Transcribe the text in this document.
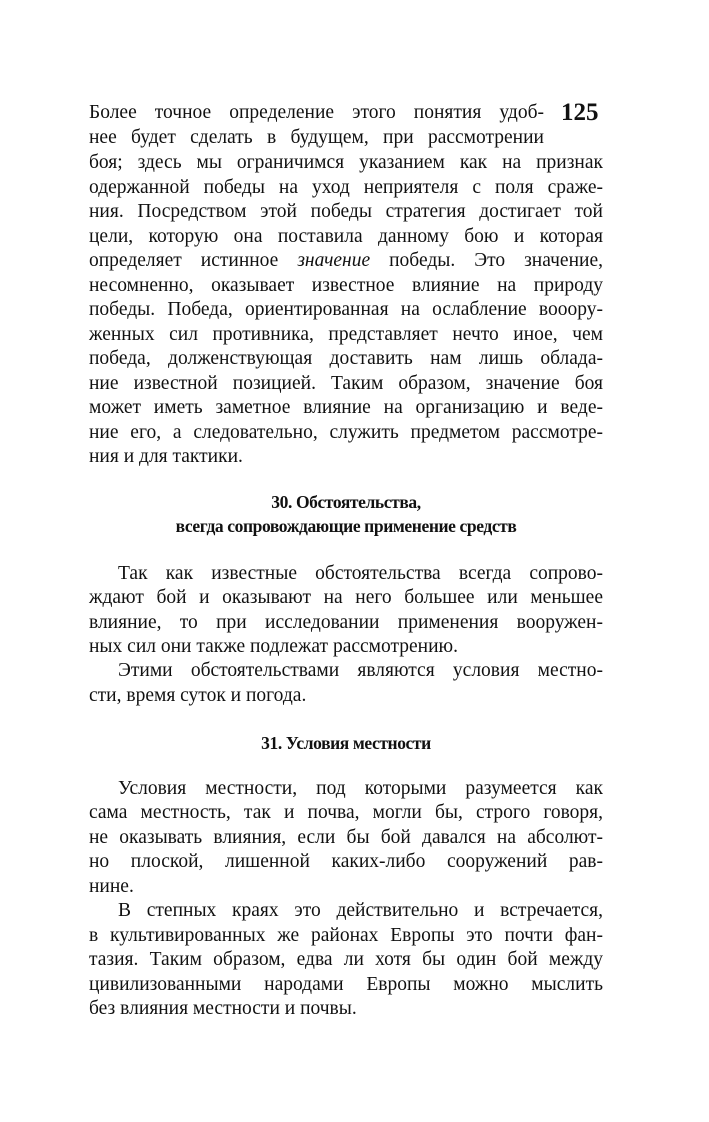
125
Более точное определение этого понятия удоб-
нее будет сделать в будущем, при рассмотрении
боя; здесь мы ограничимся указанием как на признак
одержанной победы на уход неприятеля с поля сраже-
ния. Посредством этой победы стратегия достигает той
цели, которую она поставила данному бою и которая
определяет истинное значение победы. Это значение,
несомненно, оказывает известное влияние на природу
победы. Победа, ориентированная на ослабление вооору-
женных сил противника, представляет нечто иное, чем
победа, долженствующая доставить нам лишь облада-
ние известной позицией. Таким образом, значение боя
может иметь заметное влияние на организацию и веде-
ние его, а следовательно, служить предметом рассмотре-
ния и для тактики.
30. Обстоятельства,
всегда сопровождающие применение средств
Так как известные обстоятельства всегда сопрово-
ждают бой и оказывают на него большее или меньшее
влияние, то при исследовании применения вооружен-
ных сил они также подлежат рассмотрению.
Этими обстоятельствами являются условия местно-
сти, время суток и погода.
31. Условия местности
Условия местности, под которыми разумеется как
сама местность, так и почва, могли бы, строго говоря,
не оказывать влияния, если бы бой давался на абсолют-
но плоской, лишенной каких-либо сооружений рав-
нине.
В степных краях это действительно и встречается,
в культивированных же районах Европы это почти фан-
тазия. Таким образом, едва ли хотя бы один бой между
цивилизованными народами Европы можно мыслить
без влияния местности и почвы.
